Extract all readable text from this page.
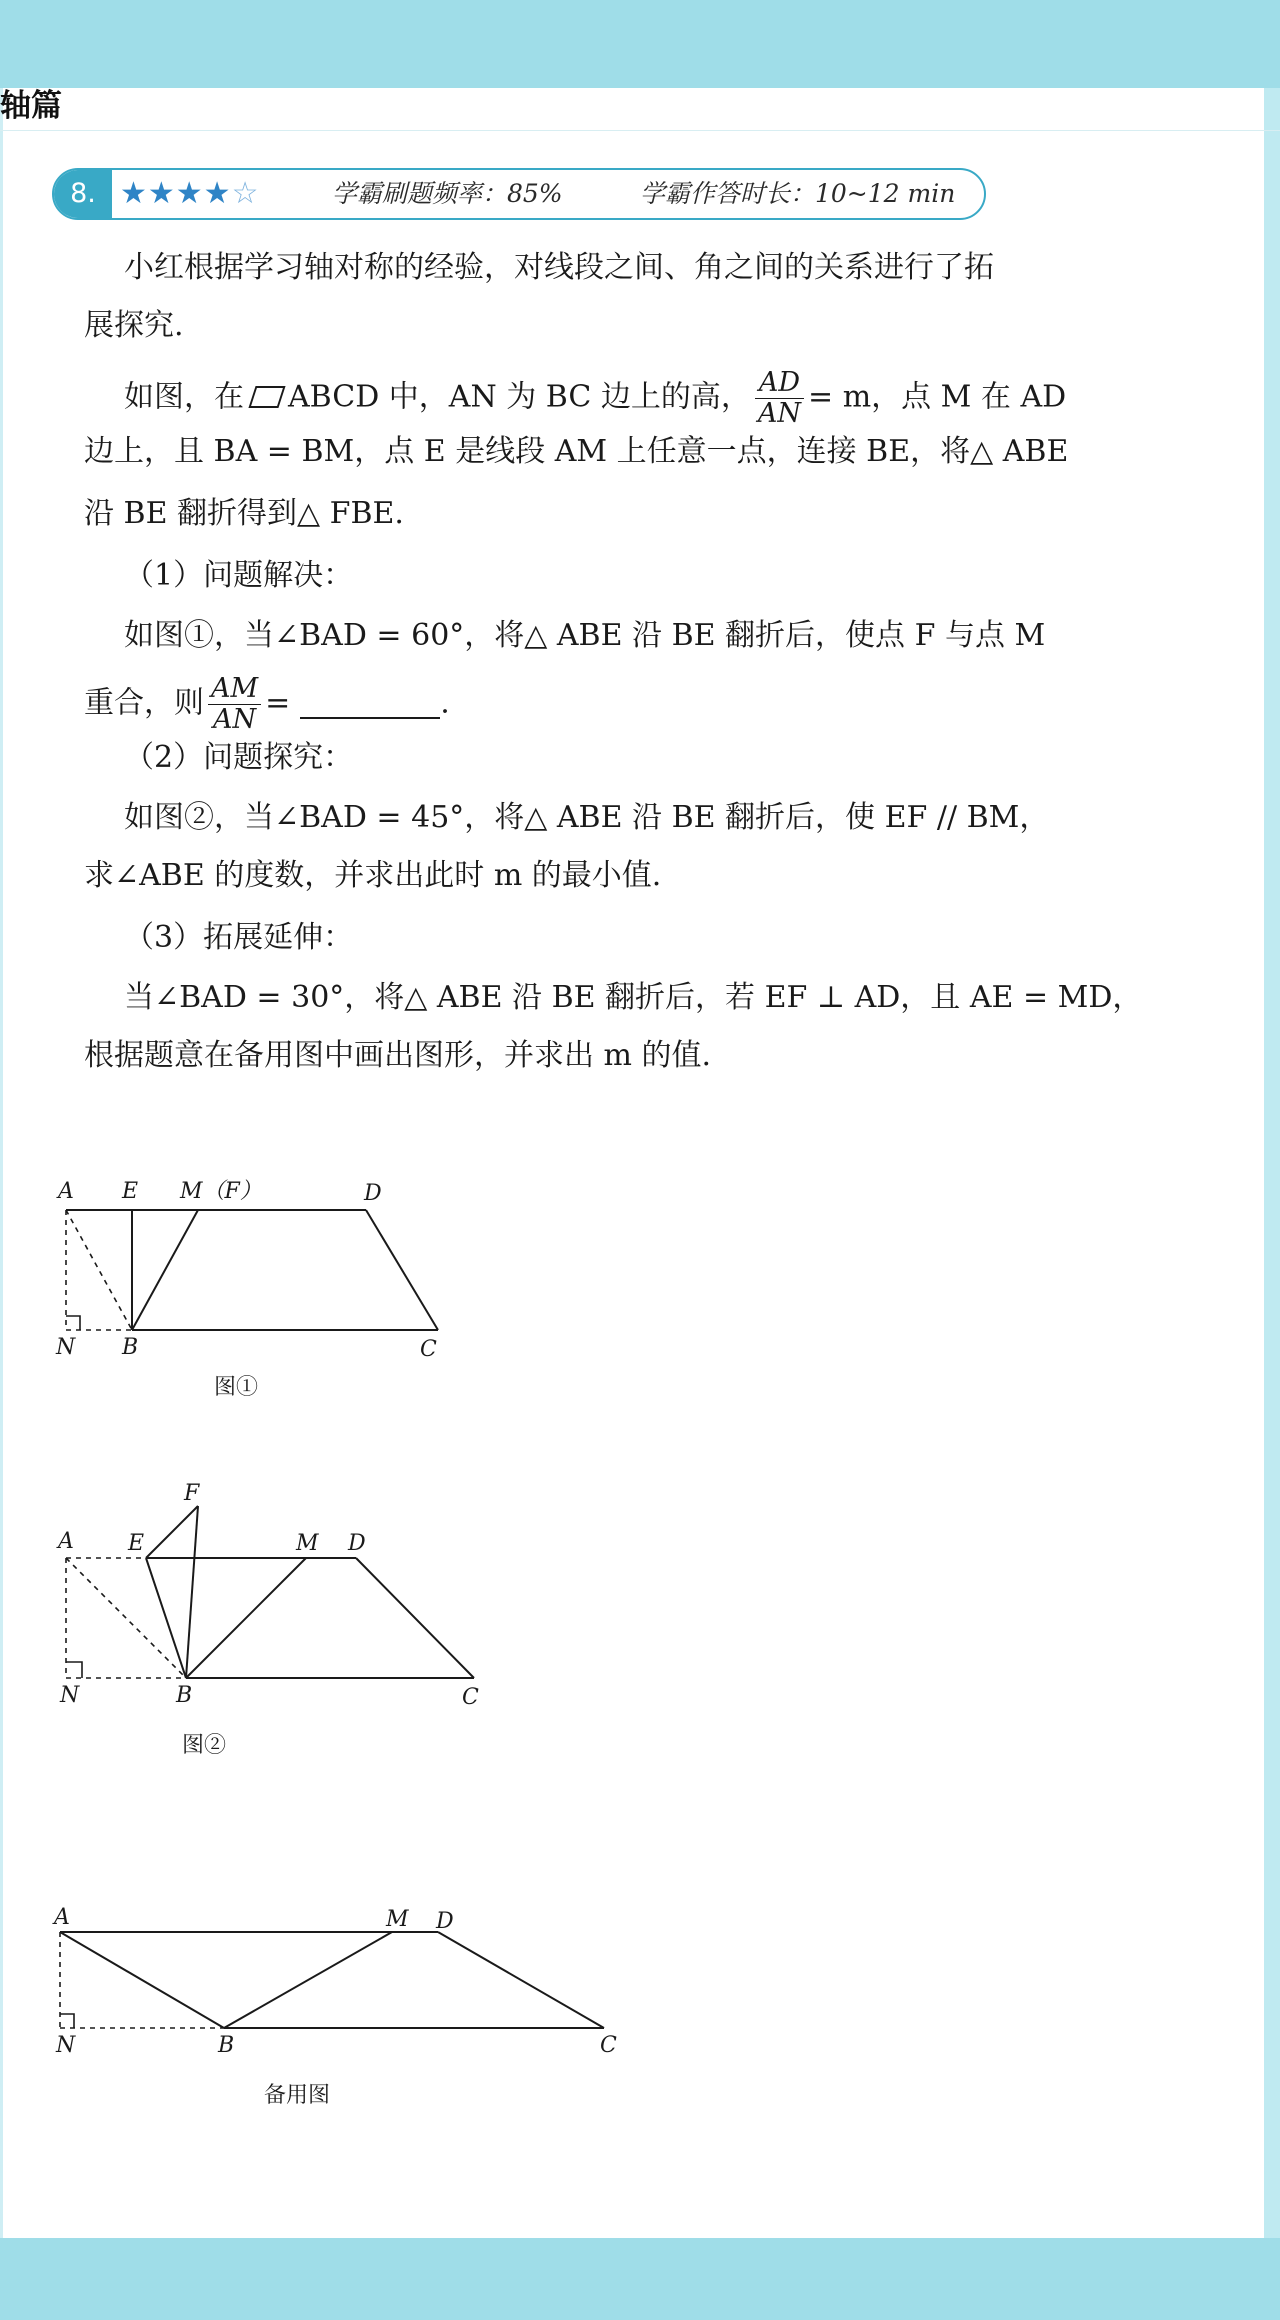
轴篇
8. ★★★★☆	学霸刷题频率：85%	学霸作答时长：10~12 min
小红根据学习轴对称的经验，对线段之间、角之间的关系进行了拓
展探究.
如图，在 ABCD 中，AN 为 BC 边上的高， $\frac{AD}{AN} = m$，点 M 在 AD
边上，且 BA = BM，点 E 是线段 AM 上任意一点，连接 BE，将△ ABE
沿 BE 翻折得到△ FBE.
（1）问题解决：
如图①，当∠BAD = 60°，将△ ABE 沿 BE 翻折后，使点 F 与点 M
重合，则 $\frac{AM}{AN}$ =	.
（2）问题探究：
如图②，当∠BAD = 45°，将△ ABE 沿 BE 翻折后，使 EF // BM，
求∠ABE 的度数，并求出此时 m 的最小值.
（3）拓展延伸：
当∠BAD = 30°，将△ ABE 沿 BE 翻折后，若 EF ⊥ AD，且 AE = MD，
根据题意在备用图中画出图形，并求出 m 的值.
A E M（F）	D
N B	C
图①
F
A E	M D
N	B	C
图②
A	M D
N	B	C
备用图
